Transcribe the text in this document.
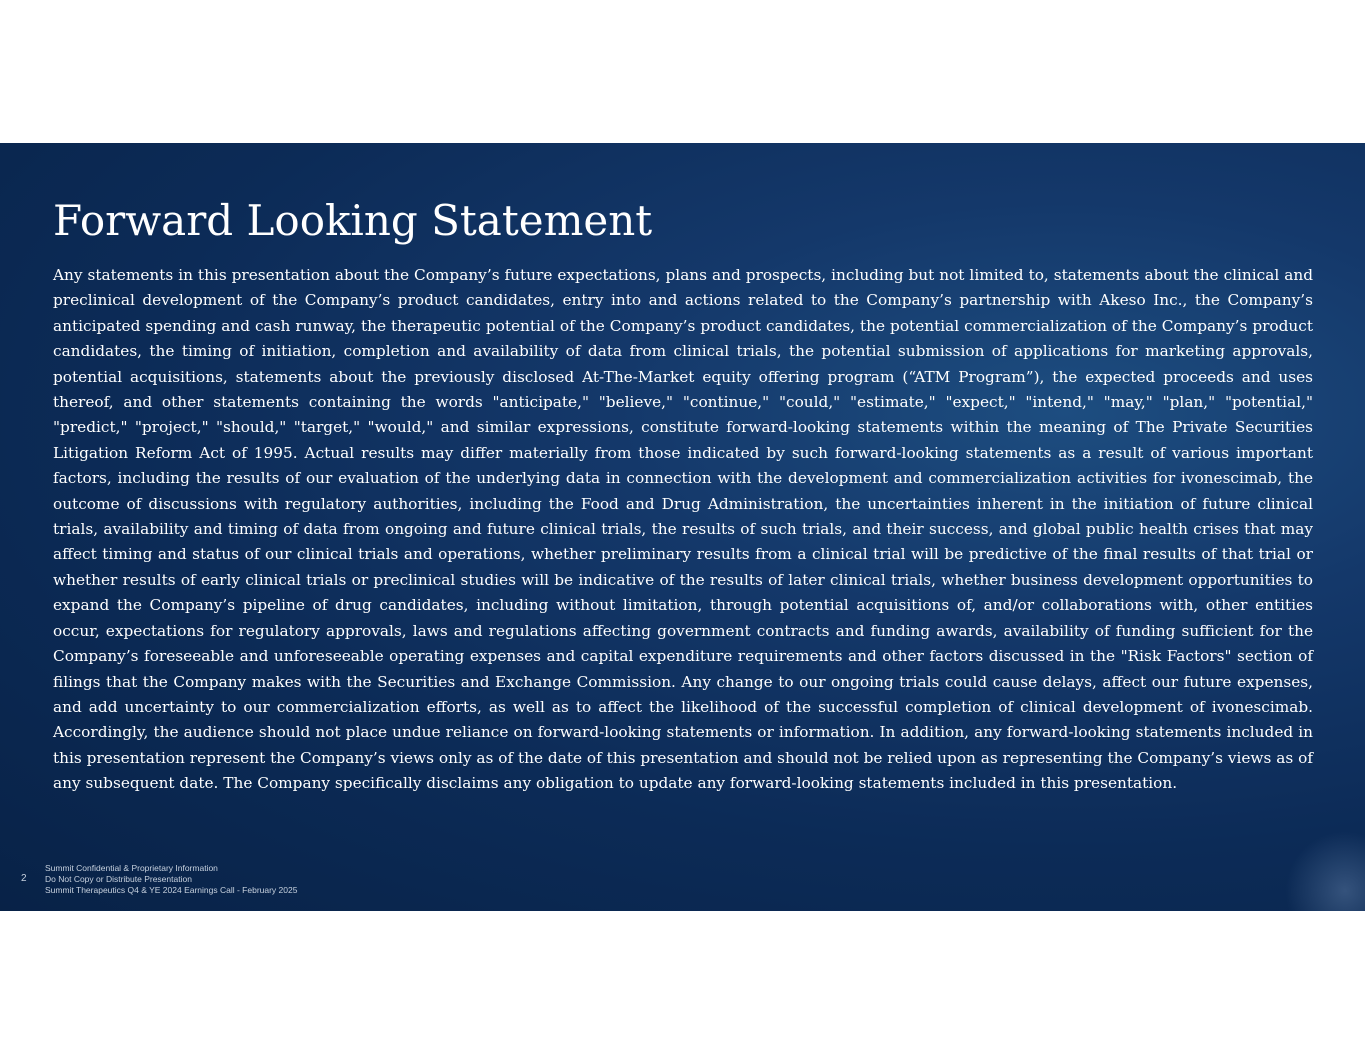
Forward Looking Statement

Any statements in this presentation about the Company’s future expectations, plans and prospects, including but not limited to, statements about the clinical and preclinical development of the Company’s product candidates, entry into and actions related to the Company’s partnership with Akeso Inc., the Company’s anticipated spending and cash runway, the therapeutic potential of the Company’s product candidates, the potential commercialization of the Company’s product candidates, the timing of initiation, completion and availability of data from clinical trials, the potential submission of applications for marketing approvals, potential acquisitions, statements about the previously disclosed At-The-Market equity offering program (“ATM Program”), the expected proceeds and uses thereof, and other statements containing the words "anticipate," "believe," "continue," "could," "estimate," "expect," "intend," "may," "plan," "potential," "predict," "project," "should," "target," "would," and similar expressions, constitute forward-looking statements within the meaning of The Private Securities Litigation Reform Act of 1995. Actual results may differ materially from those indicated by such forward-looking statements as a result of various important factors, including the results of our evaluation of the underlying data in connection with the development and commercialization activities for ivonescimab, the outcome of discussions with regulatory authorities, including the Food and Drug Administration, the uncertainties inherent in the initiation of future clinical trials, availability and timing of data from ongoing and future clinical trials, the results of such trials, and their success, and global public health crises that may affect timing and status of our clinical trials and operations, whether preliminary results from a clinical trial will be predictive of the final results of that trial or whether results of early clinical trials or preclinical studies will be indicative of the results of later clinical trials, whether business development opportunities to expand the Company’s pipeline of drug candidates, including without limitation, through potential acquisitions of, and/or collaborations with, other entities occur, expectations for regulatory approvals, laws and regulations affecting government contracts and funding awards, availability of funding sufficient for the Company’s foreseeable and unforeseeable operating expenses and capital expenditure requirements and other factors discussed in the "Risk Factors" section of filings that the Company makes with the Securities and Exchange Commission. Any change to our ongoing trials could cause delays, affect our future expenses, and add uncertainty to our commercialization efforts, as well as to affect the likelihood of the successful completion of clinical development of ivonescimab. Accordingly, the audience should not place undue reliance on forward-looking statements or information. In addition, any forward-looking statements included in this presentation represent the Company’s views only as of the date of this presentation and should not be relied upon as representing the Company’s views as of any subsequent date. The Company specifically disclaims any obligation to update any forward-looking statements included in this presentation.

2
Summit Confidential & Proprietary Information
Do Not Copy or Distribute Presentation
Summit Therapeutics Q4 & YE 2024 Earnings Call - February 2025
